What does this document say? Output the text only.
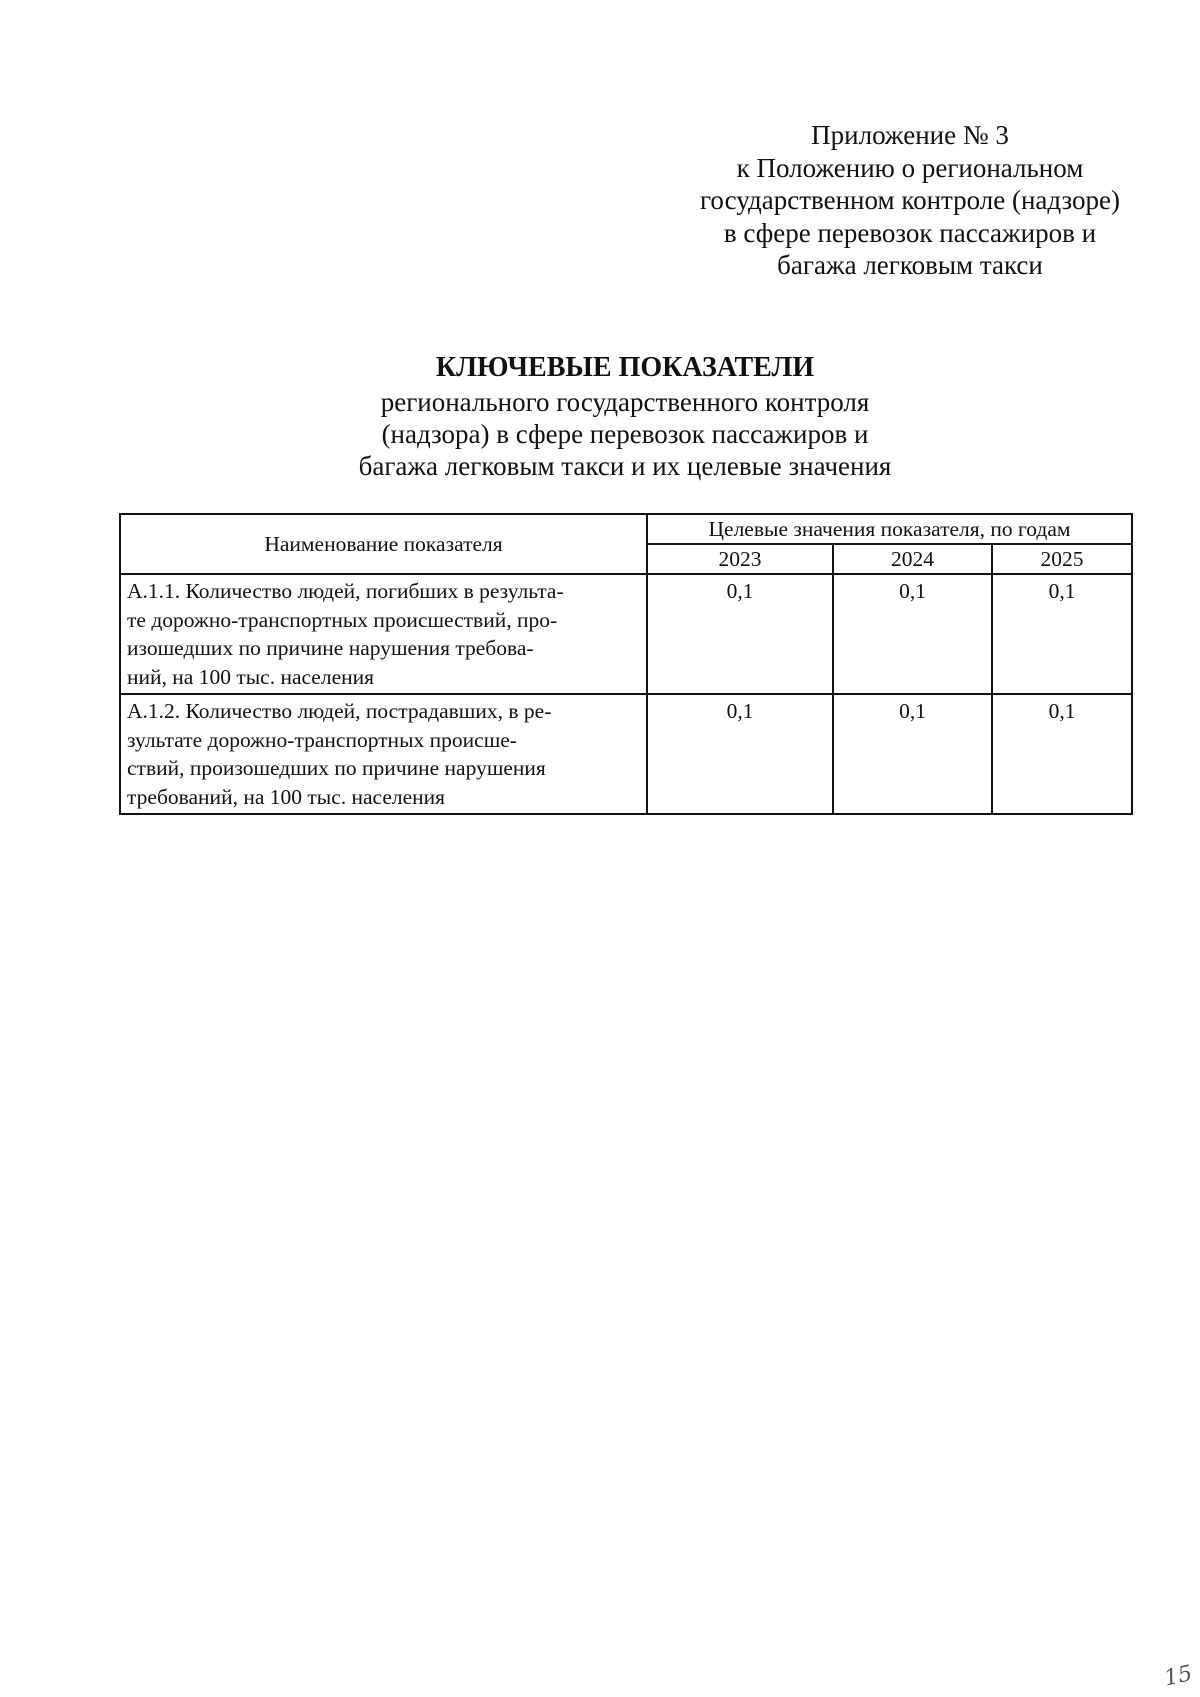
Приложение № 3
к Положению о региональном
государственном контроле (надзоре)
в сфере перевозок пассажиров и
багажа легковым такси
КЛЮЧЕВЫЕ ПОКАЗАТЕЛИ
регионального государственного контроля
(надзора) в сфере перевозок пассажиров и
багажа легковым такси и их целевые значения
Наименование показателя	Целевые значения показателя, по годам		
	2023	2024	2025

А.1.1. Количество людей, погибших в результа-
те дорожно-транспортных происшествий, про-
изошедших по причине нарушения требова-
ний, на 100 тыс. населения	0,1	0,1	0,1

А.1.2. Количество людей, пострадавших, в ре-
зультате дорожно-транспортных происше-
ствий, произошедших по причине нарушения
требований, на 100 тыс. населения	0,1	0,1	0,1
15
